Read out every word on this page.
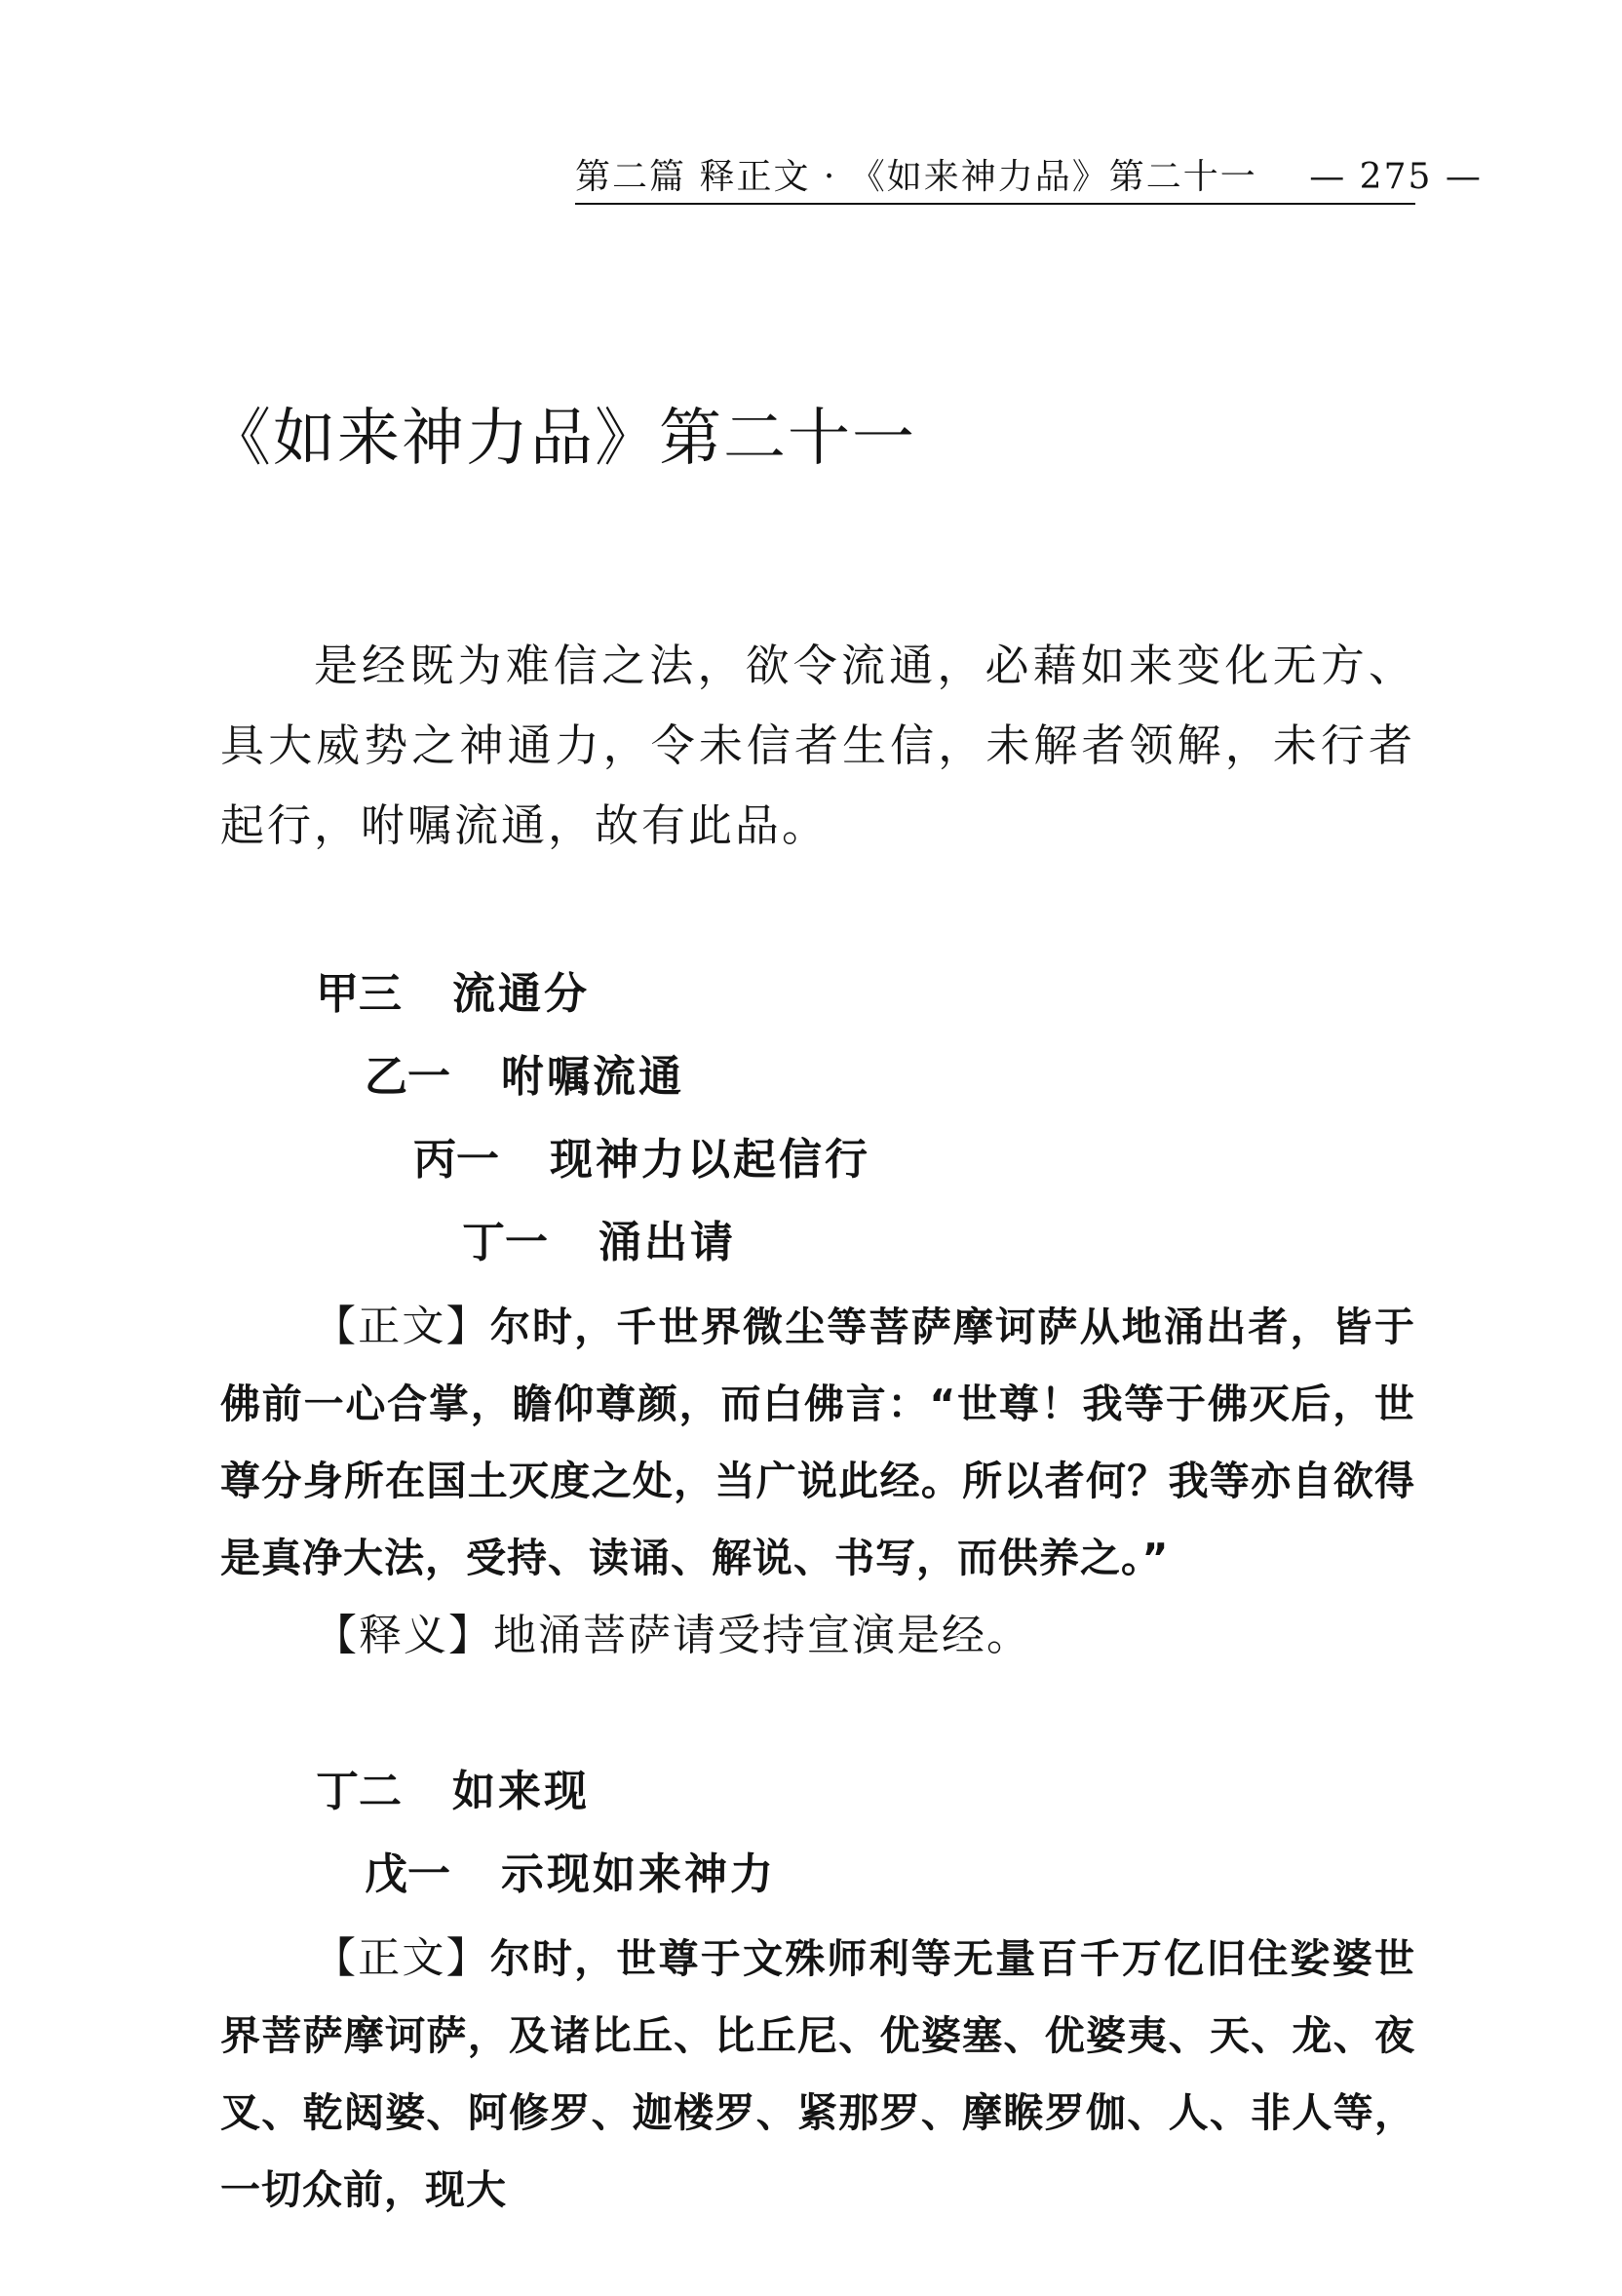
第二篇 释正文 · 《如来神力品》第二十一 — 275 —
《如来神力品》第二十一
是经既为难信之法，欲令流通，必藉如来变化无方、具大威势之神通力，令未信者生信，未解者领解，未行者起行，咐嘱流通，故有此品。
甲三 流通分
乙一 咐嘱流通
丙一 现神力以起信行
丁一 涌出请
【正文】尔时，千世界微尘等菩萨摩诃萨从地涌出者，皆于佛前一心合掌，瞻仰尊颜，而白佛言：“世尊！我等于佛灭后，世尊分身所在国土灭度之处，当广说此经。所以者何？我等亦自欲得是真净大法，受持、读诵、解说、书写，而供养之。”
【释义】地涌菩萨请受持宣演是经。
丁二 如来现
戊一 示现如来神力
【正文】尔时，世尊于文殊师利等无量百千万亿旧住娑婆世界菩萨摩诃萨，及诸比丘、比丘尼、优婆塞、优婆夷、天、龙、夜叉、乾闼婆、阿修罗、迦楼罗、紧那罗、摩睺罗伽、人、非人等，一切众前，现大
